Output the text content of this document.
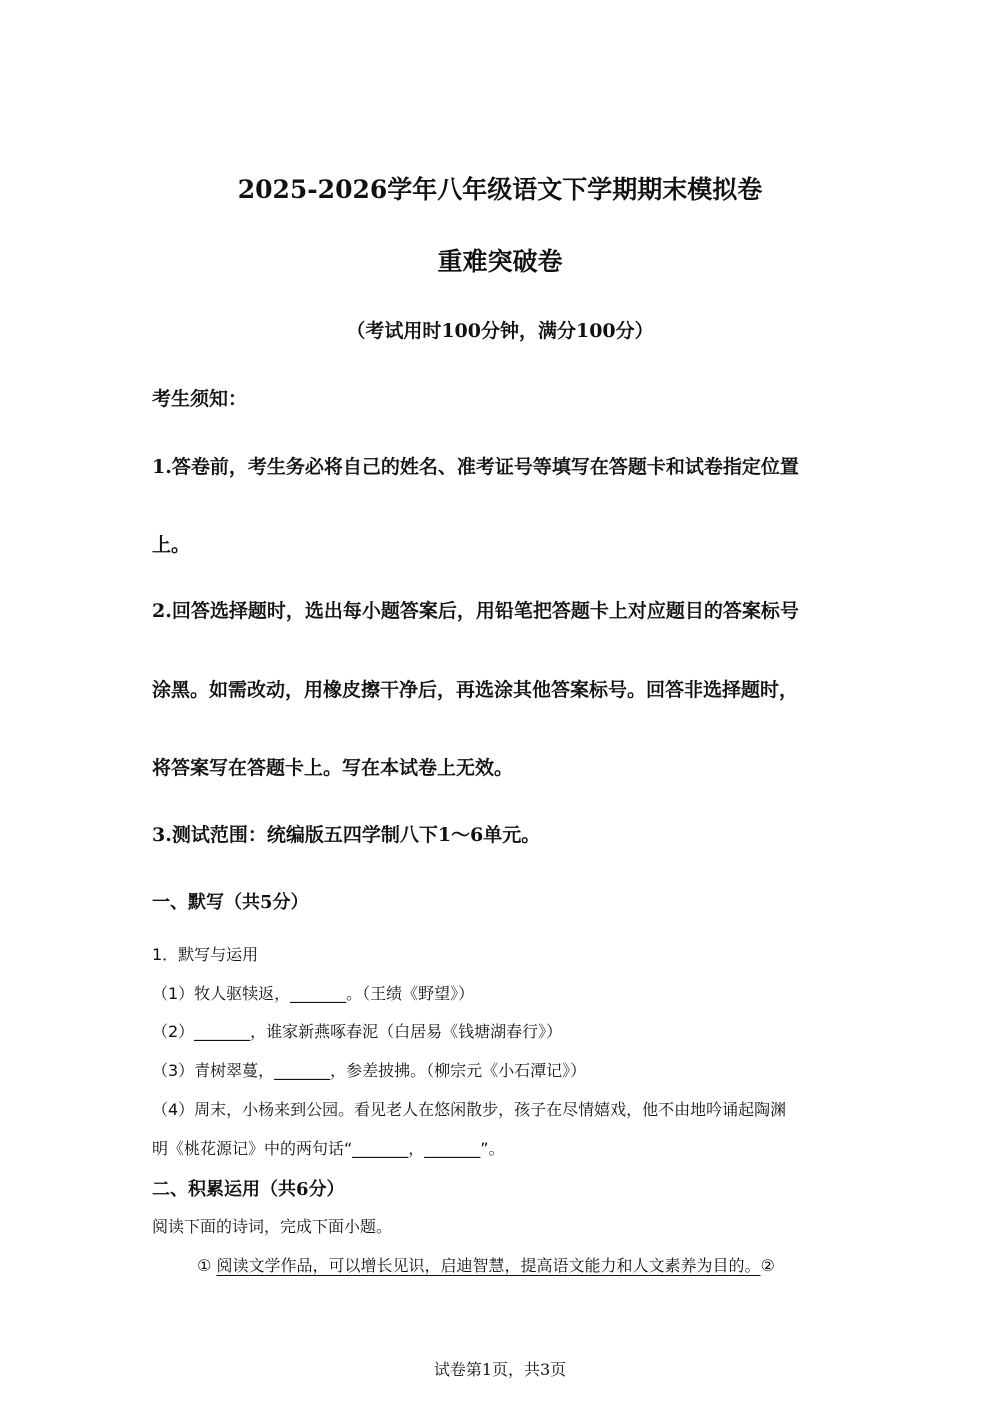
2025-2026学年八年级语文下学期期末模拟卷
重难突破卷
（考试用时100分钟，满分100分）
考生须知：
1.答卷前，考生务必将自己的姓名、准考证号等填写在答题卡和试卷指定位置
上。
2.回答选择题时，选出每小题答案后，用铅笔把答题卡上对应题目的答案标号
涂黑。如需改动，用橡皮擦干净后，再选涂其他答案标号。回答非选择题时，
将答案写在答题卡上。写在本试卷上无效。
3.测试范围：统编版五四学制八下1～6单元。
一、默写（共5分）
1．默写与运用
（1）牧人驱犊返，_______。（王绩《野望》）
（2）_______，谁家新燕啄春泥（白居易《钱塘湖春行》）
（3）青树翠蔓，_______，参差披拂。（柳宗元《小石潭记》）
（4）周末，小杨来到公园。看见老人在悠闲散步，孩子在尽情嬉戏，他不由地吟诵起陶渊
明《桃花源记》中的两句话“_______，_______”。
二、积累运用（共6分）
阅读下面的诗词，完成下面小题。
① 阅读文学作品，可以增长见识，启迪智慧，提高语文能力和人文素养为目的。②
试卷第1页，共3页
